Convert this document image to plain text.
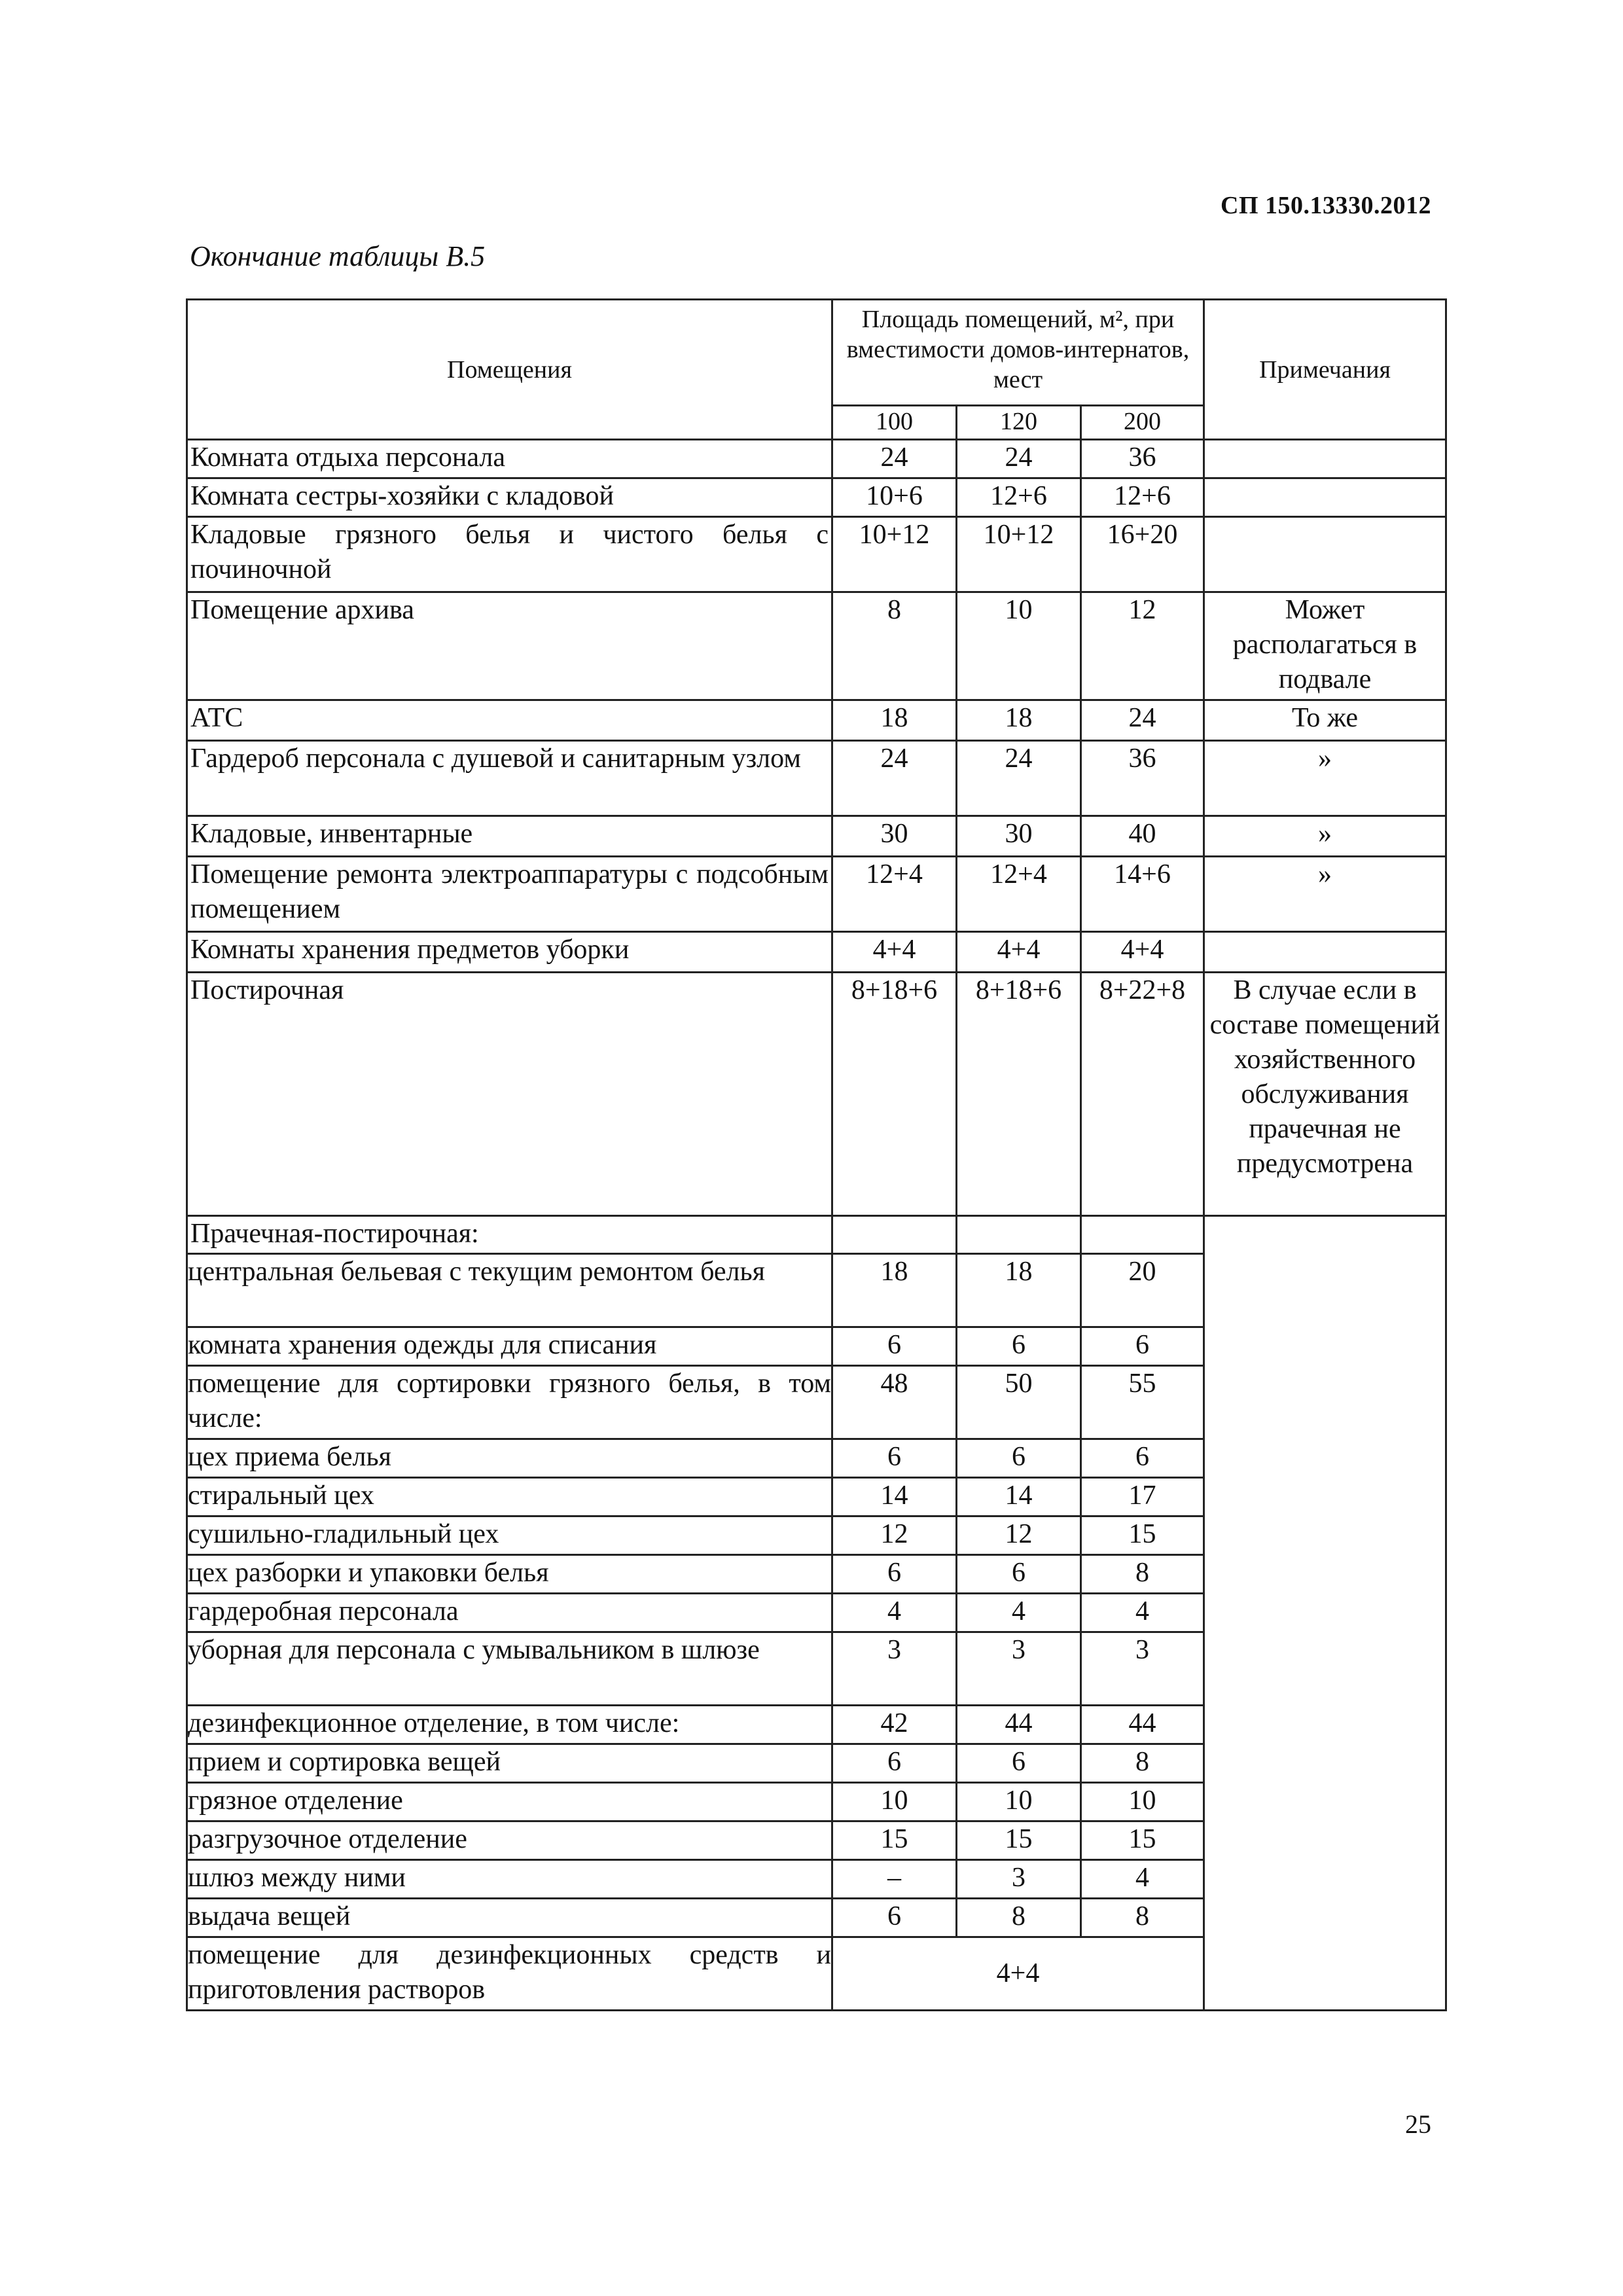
СП 150.13330.2012
Окончание таблицы В.5
Помещения	Площадь помещений, м², при вместимости домов-интернатов, мест			Примечания
	100	120	200	
Комната отдыха персонала	24	24	36	
Комната сестры-хозяйки с кладовой	10+6	12+6	12+6	
Кладовые грязного белья и чистого белья с починочной	10+12	10+12	16+20	
Помещение архива	8	10	12	Может располагаться в подвале
АТС	18	18	24	То же
Гардероб персонала с душевой и санитарным узлом	24	24	36	»
Кладовые, инвентарные	30	30	40	»
Помещение ремонта электроаппаратуры с подсобным помещением	12+4	12+4	14+6	»
Комнаты хранения предметов уборки	4+4	4+4	4+4	
Постирочная	8+18+6	8+18+6	8+22+8	В случае если в составе помещений хозяйственного обслуживания прачечная не предусмотрена
Прачечная-постирочная:				
центральная бельевая с текущим ремонтом белья	18	18	20	
комната хранения одежды для списания	6	6	6	
помещение для сортировки грязного белья, в том числе:	48	50	55	
цех приема белья	6	6	6	
стиральный цех	14	14	17	
сушильно-гладильный цех	12	12	15	
цех разборки и упаковки белья	6	6	8	
гардеробная персонала	4	4	4	
уборная для персонала с умывальником в шлюзе	3	3	3	
дезинфекционное отделение, в том числе:	42	44	44	
прием и сортировка вещей	6	6	8	
грязное отделение	10	10	10	
разгрузочное отделение	15	15	15	
шлюз между ними	–	3	4	
выдача вещей	6	8	8	
помещение для дезинфекционных средств и приготовления растворов	4+4			
25
